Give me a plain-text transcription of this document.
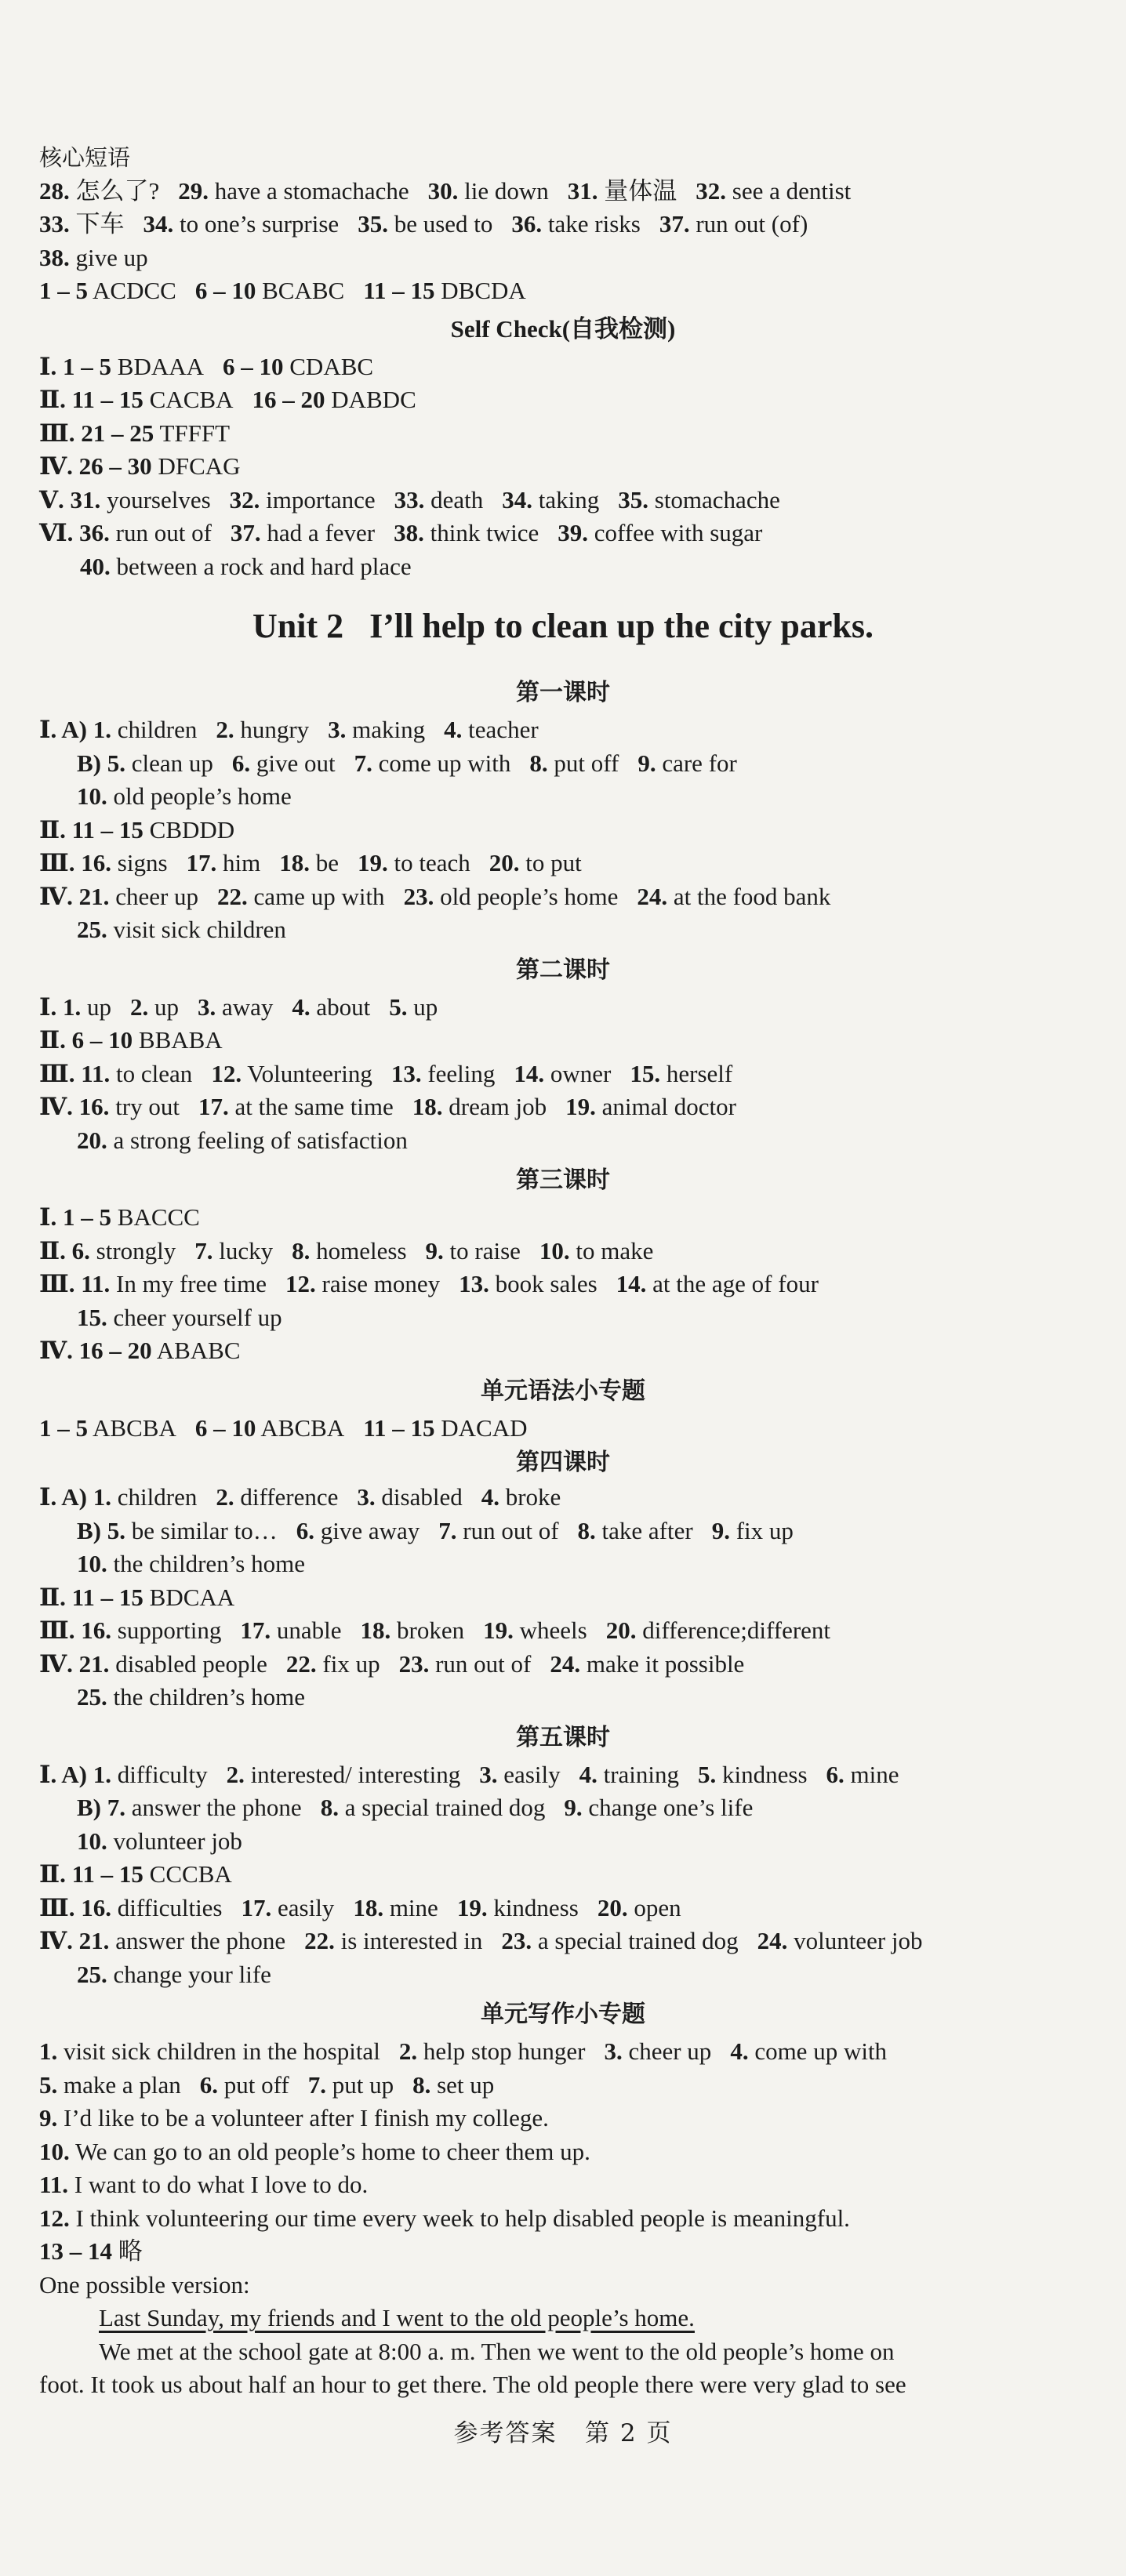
核心短语
28. 怎么了? 29. have a stomachache 30. lie down 31. 量体温 32. see a dentist
33. 下车 34. to one’s surprise 35. be used to 36. take risks 37. run out (of)
38. give up
1 – 5 ACDCC 6 – 10 BCABC 11 – 15 DBCDA
Self Check(自我检测)
Ⅰ. 1 – 5 BDAAA 6 – 10 CDABC
Ⅱ. 11 – 15 CACBA 16 – 20 DABDC
Ⅲ. 21 – 25 TFFFT
Ⅳ. 26 – 30 DFCAG
Ⅴ. 31. yourselves 32. importance 33. death 34. taking 35. stomachache
Ⅵ. 36. run out of 37. had a fever 38. think twice 39. coffee with sugar
40. between a rock and hard place
Unit 2   I’ll help to clean up the city parks.
第一课时
Ⅰ. A) 1. children 2. hungry 3. making 4. teacher
B) 5. clean up 6. give out 7. come up with 8. put off 9. care for
10. old people’s home
Ⅱ. 11 – 15 CBDDD
Ⅲ. 16. signs 17. him 18. be 19. to teach 20. to put
Ⅳ. 21. cheer up 22. came up with 23. old people’s home 24. at the food bank
25. visit sick children
第二课时
Ⅰ. 1. up 2. up 3. away 4. about 5. up
Ⅱ. 6 – 10 BBABA
Ⅲ. 11. to clean 12. Volunteering 13. feeling 14. owner 15. herself
Ⅳ. 16. try out 17. at the same time 18. dream job 19. animal doctor
20. a strong feeling of satisfaction
第三课时
Ⅰ. 1 – 5 BACCC
Ⅱ. 6. strongly 7. lucky 8. homeless 9. to raise 10. to make
Ⅲ. 11. In my free time 12. raise money 13. book sales 14. at the age of four
15. cheer yourself up
Ⅳ. 16 – 20 ABABC
单元语法小专题
1 – 5 ABCBA 6 – 10 ABCBA 11 – 15 DACAD
第四课时
Ⅰ. A) 1. children 2. difference 3. disabled 4. broke
B) 5. be similar to… 6. give away 7. run out of 8. take after 9. fix up
10. the children’s home
Ⅱ. 11 – 15 BDCAA
Ⅲ. 16. supporting 17. unable 18. broken 19. wheels 20. difference;different
Ⅳ. 21. disabled people 22. fix up 23. run out of 24. make it possible
25. the children’s home
第五课时
Ⅰ. A) 1. difficulty 2. interested/ interesting 3. easily 4. training 5. kindness 6. mine
B) 7. answer the phone 8. a special trained dog 9. change one’s life
10. volunteer job
Ⅱ. 11 – 15 CCCBA
Ⅲ. 16. difficulties 17. easily 18. mine 19. kindness 20. open
Ⅳ. 21. answer the phone 22. is interested in 23. a special trained dog 24. volunteer job
25. change your life
单元写作小专题
1. visit sick children in the hospital 2. help stop hunger 3. cheer up 4. come up with
5. make a plan 6. put off 7. put up 8. set up
9. I’d like to be a volunteer after I finish my college.
10. We can go to an old people’s home to cheer them up.
11. I want to do what I love to do.
12. I think volunteering our time every week to help disabled people is meaningful.
13 – 14 略
One possible version:
Last Sunday, my friends and I went to the old people’s home.
We met at the school gate at 8:00 a. m. Then we went to the old people’s home on
foot. It took us about half an hour to get there. The old people there were very glad to see
参考答案   第 2 页
